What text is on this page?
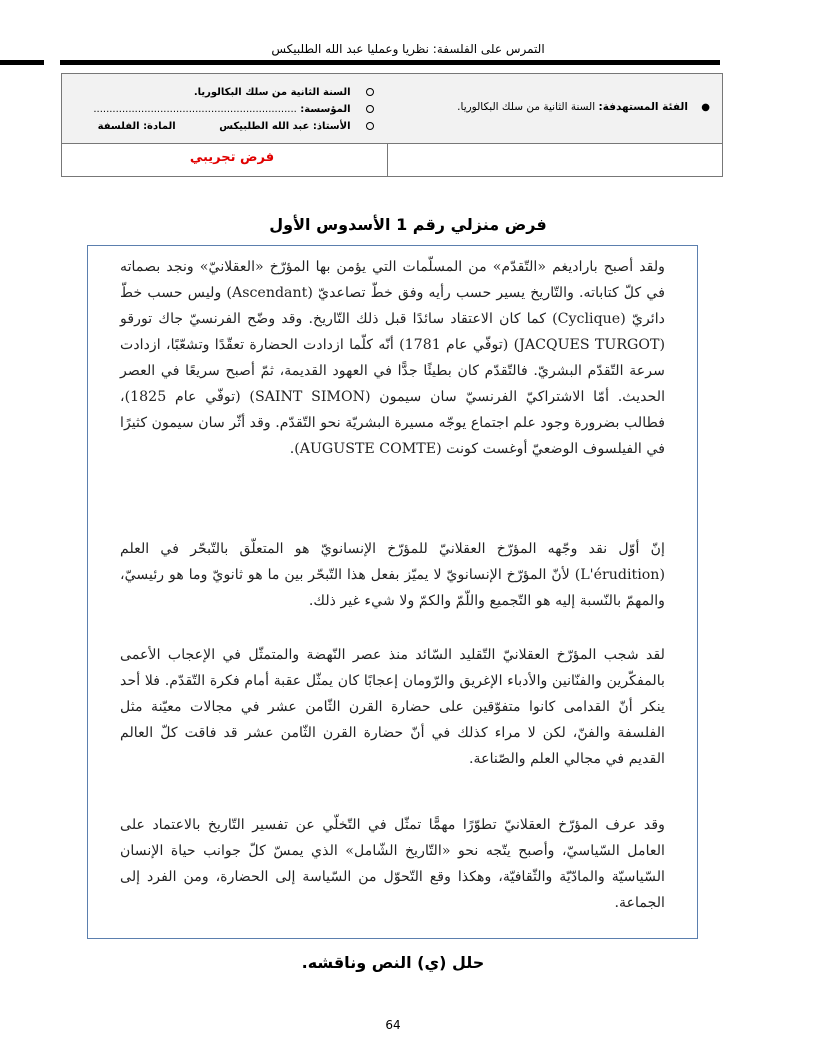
التمرس على الفلسفة: نظريا وعمليا عبد الله الطلبيكس
● الفئة المستهدفة: السنة الثانية من سلك البكالوريا.
السنة الثانية من سلك البكالوريا.
المؤسسة: ................................................................
الأستاذ: عبد الله الطلبيكس المادة: الفلسفة
فرض تجريبي
فرض منزلي رقم 1 الأسدوس الأول
ولقد أصبح باراديغم «التّقدّم» من المسلّمات التي يؤمن بها المؤرّخ «العقلانيّ» ونجد بصماته في كلّ كتاباته. والتّاريخ يسير حسب رأيه وفق خطّ تصاعديّ (Ascendant) وليس حسب خطّ دائريّ (Cyclique) كما كان الاعتقاد سائدًا قبل ذلك التّاريخ. وقد وضّح الفرنسيّ جاك تورقو (JACQUES TURGOT) (توفّي عام 1781) أنّه كلّما ازدادت الحضارة تعقّدًا وتشعّبًا، ازدادت سرعة التّقدّم البشريّ. فالتّقدّم كان بطيئًا جدًّا في العهود القديمة، ثمّ أصبح سريعًا في العصر الحديث. أمّا الاشتراكيّ الفرنسيّ سان سيمون (SAINT SIMON) (توفّي عام 1825)، فطالب بضرورة وجود علم اجتماع يوجّه مسيرة البشريّة نحو التّقدّم. وقد أثّر سان سيمون كثيرًا في الفيلسوف الوضعيّ أوغست كونت (AUGUSTE COMTE).
إنّ أوّل نقد وجّهه المؤرّخ العقلانيّ للمؤرّخ الإنسانويّ هو المتعلّق بالتّبحّر في العلم (L'érudition) لأنّ المؤرّخ الإنسانويّ لا يميّز بفعل هذا التّبحّر بين ما هو ثانويّ وما هو رئيسيّ، والمهمّ بالنّسبة إليه هو التّجميع واللّمّ والكمّ ولا شيء غير ذلك.
لقد شجب المؤرّخ العقلانيّ التّقليد السّائد منذ عصر النّهضة والمتمثّل في الإعجاب الأعمى بالمفكّرين والفنّانين والأدباء الإغريق والرّومان إعجابًا كان يمثّل عقبة أمام فكرة التّقدّم. فلا أحد ينكر أنّ القدامى كانوا متفوّقين على حضارة القرن الثّامن عشر في مجالات معيّنة مثل الفلسفة والفنّ، لكن لا مراء كذلك في أنّ حضارة القرن الثّامن عشر قد فاقت كلّ العالم القديم في مجالي العلم والصّناعة.
وقد عرف المؤرّخ العقلانيّ تطوّرًا مهمًّا تمثّل في التّخلّي عن تفسير التّاريخ بالاعتماد على العامل السّياسيّ، وأصبح يتّجه نحو «التّاريخ الشّامل» الذي يمسّ كلّ جوانب حياة الإنسان السّياسيّة والمادّيّة والثّقافيّة، وهكذا وقع التّحوّل من السّياسة إلى الحضارة، ومن الفرد إلى الجماعة.
حلل (ي) النص وناقشه.
64
